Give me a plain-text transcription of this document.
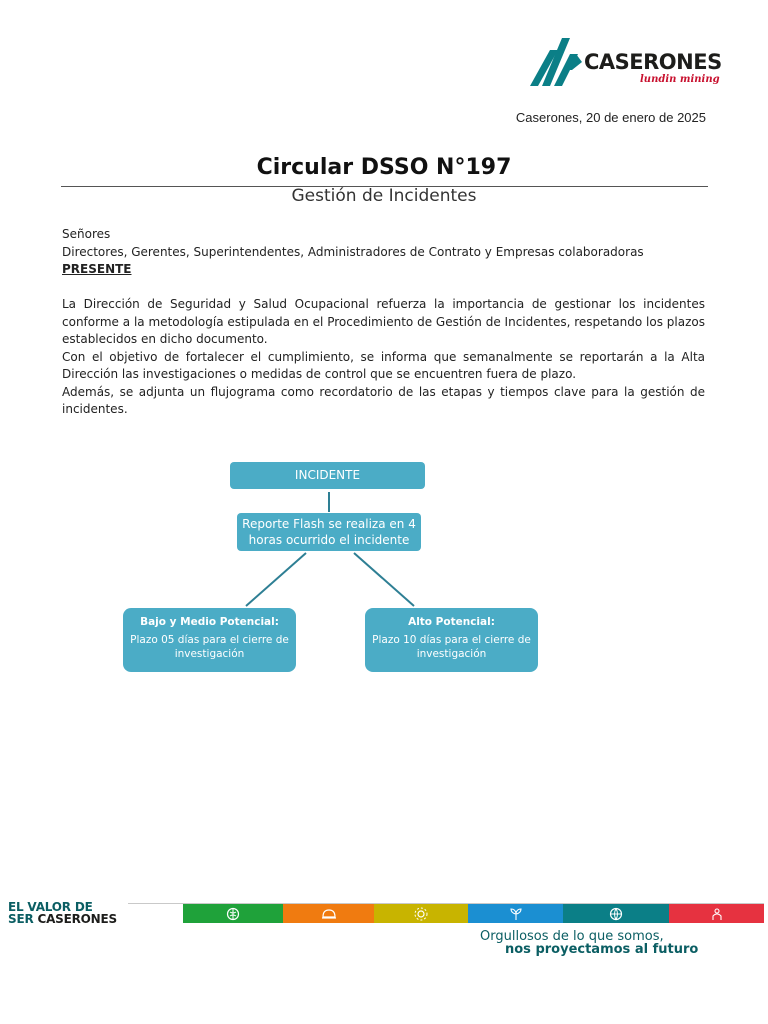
CASERONES
lundin mining
Caserones, 20 de enero de 2025
Circular DSSO N°197
Gestión de Incidentes
Señores
Directores, Gerentes, Superintendentes, Administradores de Contrato y Empresas colaboradoras
PRESENTE

La Dirección de Seguridad y Salud Ocupacional refuerza la importancia de gestionar los incidentes conforme a la metodología estipulada en el Procedimiento de Gestión de Incidentes, respetando los plazos establecidos en dicho documento.

Con el objetivo de fortalecer el cumplimiento, se informa que semanalmente se reportarán a la Alta Dirección las investigaciones o medidas de control que se encuentren fuera de plazo.

Además, se adjunta un flujograma como recordatorio de las etapas y tiempos clave para la gestión de incidentes.

INCIDENTE
Reporte Flash se realiza en 4 horas ocurrido el incidente
Bajo y Medio Potencial:
Plazo 05 días para el cierre de investigación
Alto Potencial:
Plazo 10 días para el cierre de investigación
EL VALOR DE
SER CASERONES
Orgullosos de lo que somos,
nos proyectamos al futuro
